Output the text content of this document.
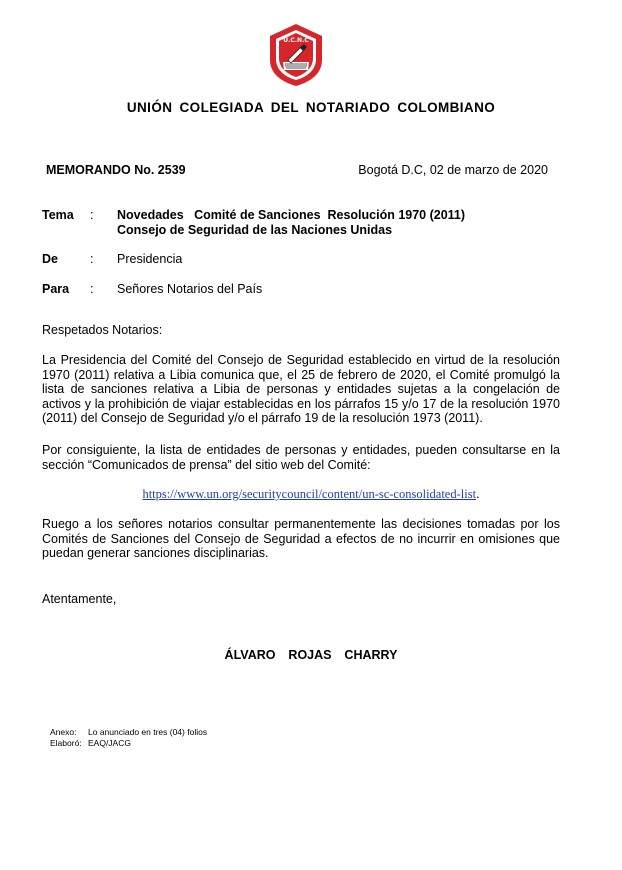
U.C.N.C
UNIÓN COLEGIADA DEL NOTARIADO COLOMBIANO
MEMORANDO No. 2539	Bogotá D.C, 02 de marzo de 2020
Tema : Novedades   Comité de Sanciones  Resolución 1970 (2011)
Consejo de Seguridad de las Naciones Unidas
De	: Presidencia
Para : Señores Notarios del País
Respetados Notarios:
La Presidencia del Comité del Consejo de Seguridad establecido en virtud de la resolución 1970 (2011) relativa a Libia comunica que, el 25 de febrero de 2020, el Comité promulgó la lista de sanciones relativa a Libia de personas y entidades sujetas a la congelación de activos y la prohibición de viajar establecidas en los párrafos 15 y/o 17 de la resolución 1970 (2011) del Consejo de Seguridad y/o el párrafo 19 de la resolución 1973 (2011).
Por consiguiente, la lista de entidades de personas y entidades, pueden consultarse en la sección “Comunicados de prensa” del sitio web del Comité:
https://www.un.org/securitycouncil/content/un-sc-consolidated-list.
Ruego a los señores notarios consultar permanentemente las decisiones tomadas por los Comités de Sanciones del Consejo de Seguridad a efectos de no incurrir en omisiones que puedan generar sanciones disciplinarias.
Atentamente,
ÁLVARO  ROJAS  CHARRY
Anexo: Lo anunciado en tres (04) folios
Elaboró: EAQ/JACG
